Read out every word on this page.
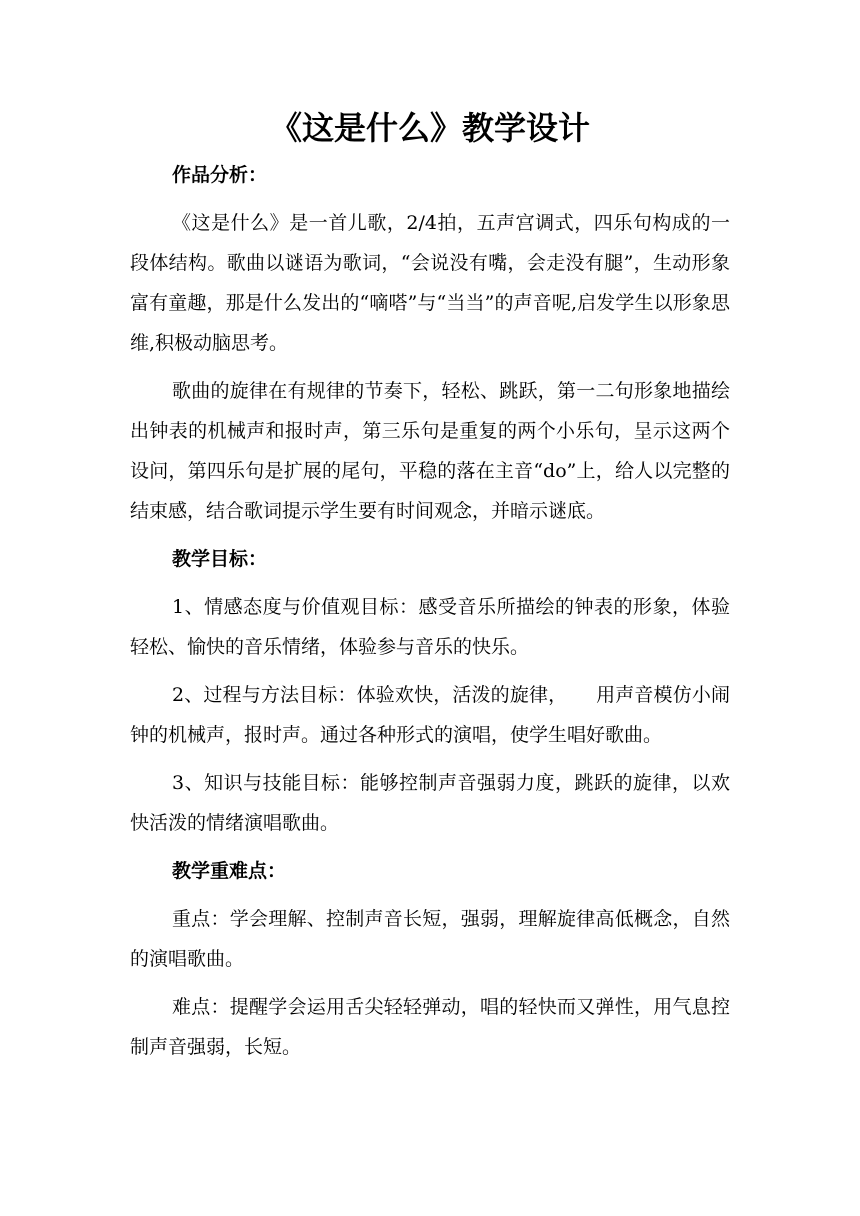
《这是什么》教学设计

作品分析：

《这是什么》是一首儿歌，2/4拍，五声宫调式，四乐句构成的一段体结构。歌曲以谜语为歌词，“会说没有嘴，会走没有腿”，生动形象富有童趣，那是什么发出的“嘀嗒”与“当当”的声音呢,启发学生以形象思维,积极动脑思考。

歌曲的旋律在有规律的节奏下，轻松、跳跃，第一二句形象地描绘出钟表的机械声和报时声，第三乐句是重复的两个小乐句，呈示这两个设问，第四乐句是扩展的尾句，平稳的落在主音“do”上，给人以完整的结束感，结合歌词提示学生要有时间观念，并暗示谜底。

教学目标：

1、情感态度与价值观目标：感受音乐所描绘的钟表的形象，体验轻松、愉快的音乐情绪，体验参与音乐的快乐。

2、过程与方法目标：体验欢快，活泼的旋律，　　用声音模仿小闹钟的机械声，报时声。通过各种形式的演唱，使学生唱好歌曲。

3、知识与技能目标：能够控制声音强弱力度，跳跃的旋律，以欢快活泼的情绪演唱歌曲。

教学重难点：

重点：学会理解、控制声音长短，强弱，理解旋律高低概念，自然的演唱歌曲。

难点：提醒学会运用舌尖轻轻弹动，唱的轻快而又弹性，用气息控制声音强弱，长短。
